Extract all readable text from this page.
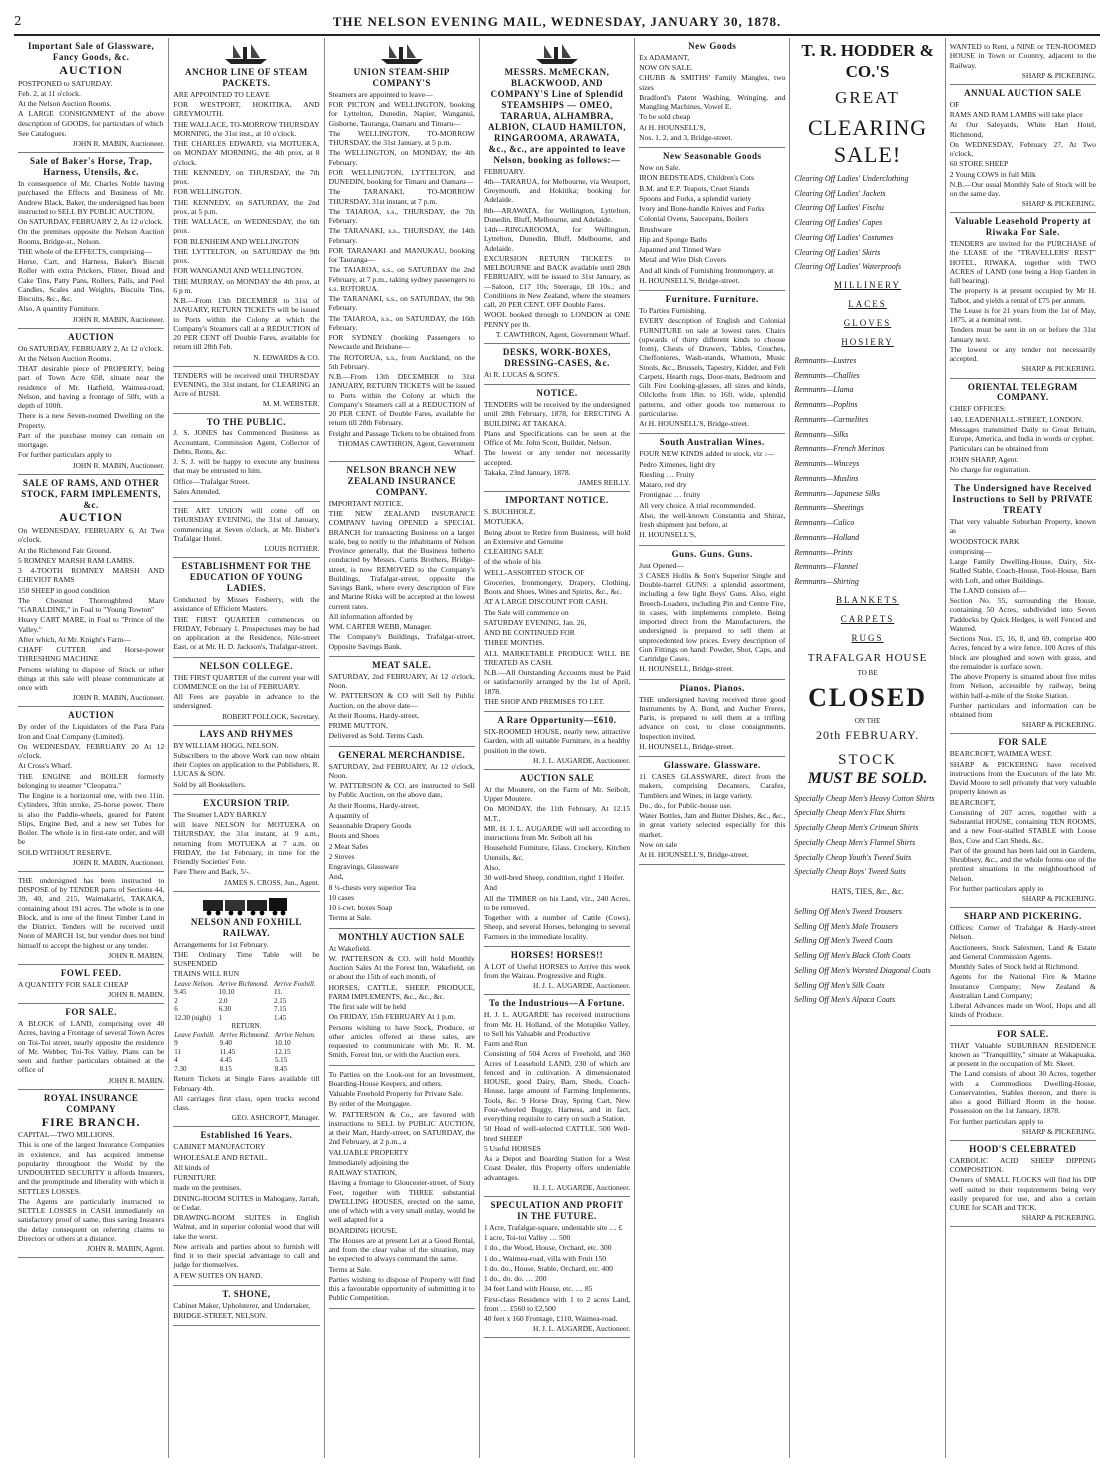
2	THE NELSON EVENING MAIL, WEDNESDAY, JANUARY 30, 1878.
Important Sale of Glassware, Fancy Goods, &c.
AUCTION

POSTPONED to SATURDAY.

Feb. 2, at 11 o'clock.

At the Nelson Auction Rooms.

A LARGE CONSIGNMENT of the above description of GOODS, for particulars of which

See Catalogues.

JOHN R. MABIN, Auctioneer.
Sale of Baker's Horse, Trap, Harness, Utensils, &c.

In consequence of Mr. Charles Noble having purchased the Effects and Business of Mr. Andrew Black, Baker, the undersigned has been instructed to SELL BY PUBLIC AUCTION,

On SATURDAY, FEBRUARY 2, At 12 o'clock.

On the premises opposite the Nelson Auction Rooms, Bridge-st., Nelson.

THE whole of the EFFECTS, comprising—

Horse, Cart, and Harness, Baker's Biscuit Roller with extra Prickers, Flitter, Bread and Cake Tins, Patty Pans, Rollers, Pails, and Peel Candles, Scales and Weights, Biscuits Tins, Biscuits, &c., &c.

Also, A quantity Furniture.

JOHN R. MABIN, Auctioneer.
AUCTION

On SATURDAY, FEBRUARY 2, At 12 o'clock.

At the Nelson Auction Rooms.

THAT desirable piece of PROPERTY, being part of Town Acre 658, situate near the residence of Mr. Hatfield, Waimea-road, Nelson, and having a frontage of 50ft, with a depth of 100ft.

There is a new Seven-roomed Dwelling on the Property.

Part of the purchase money can remain on mortgage.

For further particulars apply to

JOHN R. MABIN, Auctioneer.
SALE OF RAMS, AND OTHER STOCK, FARM IMPLEMENTS, &c.
AUCTION

On WEDNESDAY, FEBRUARY 6, At Two o'clock.

At the Richmond Fair Ground.

5 ROMNEY MARSH RAM LAMBS.

3 4-TOOTH ROMNEY MARSH AND CHEVIOT RAMS

150 SHEEP in good condition

The Chestnut Thoroughbred Mare "GARALDINE," in Foal to "Young Towton"

Heavy CART MARE, in Foal to "Prince of the Valley."

After which, At Mr. Knight's Farm—

CHAFF CUTTER and Horse-power THRESHING MACHINE

Persons wishing to dispose of Stock or other things at this sale will please communicate at once with

JOHN R. MABIN, Auctioneer.
AUCTION

By order of the Liquidators of the Para Para Iron and Coal Company (Limited).

On WEDNESDAY, FEBRUARY 20 At 12 o'clock.

At Cross's Wharf.

THE ENGINE and BOILER formerly belonging to steamer "Cleopatra."

The Engine is a horizontal one, with two 11in. Cylinders, 3ftin stroke, 25-horse power. There is also the Paddle-wheels, geared for Patent Slips, Engine Bed, and a new set Tubes for Boiler. The whole is in first-rate order, and will be

SOLD WITHOUT RESERVE.

JOHN R. MABIN, Auctioneer.

THE undersigned has been instructed to DISPOSE of by TENDER parts of Sections 44, 39, 40, and 215, Waimakariri, TAKAKA, containing about 191 acres. The whole is in one Block, and is one of the finest Timber Land in the District. Tenders will be received until Noon of MARCH 1st, but vendor does not bind himself to accept the highest or any tender.

JOHN R. MABIN.
FOWL FEED.

A QUANTITY FOR SALE CHEAP

JOHN R. MABIN.
FOR SALE.

A BLOCK of LAND, comprising over 40 Acres, having a Frontage of several Town Acres on Toi-Toi street, nearly opposite the residence of Mr. Webber, Toi-Toi Valley. Plans can be seen and further particulars obtained at the office of

JOHN R. MABIN.
ROYAL INSURANCE COMPANY
FIRE BRANCH.

CAPITAL—TWO MILLIONS.

This is one of the largest Insurance Companies in existence, and has acquired immense popularity throughout the World by the UNDOUBTED SECURITY it affords Insurers, and the promptitude and liberality with which it SETTLES LOSSES.

The Agents are particularly instructed to SETTLE LOSSES in CASH immediately on satisfactory proof of same, thus saving Insurers the delay consequent on referring claims to Directors or others at a distance.

JOHN R. MABIN, Agent.
ANCHOR LINE OF STEAM PACKETS.

ARE APPOINTED TO LEAVE

FOR WESTPORT, HOKITIKA, AND GREYMOUTH.

THE WALLACE, TO-MORROW THURSDAY MORNING, the 31st inst., at 10 o'clock.

THE CHARLES EDWARD, via MOTUEKA, on MONDAY MORNING, the 4th prox, at 8 o'clock.

THE KENNEDY, on THURSDAY, the 7th prox.

FOR WELLINGTON.

THE KENNEDY, on SATURDAY, the 2nd prox, at 5 p.m.

THE WALLACE, on WEDNESDAY, the 6th prox.

FOR BLENHEIM AND WELLINGTON

THE LYTTELTON, on SATURDAY the 9th prox.

FOR WANGANUI AND WELLINGTON.

THE MURRAY, on MONDAY the 4th prox, at 6 p m.

N.B.—From 13th DECEMBER to 31st of JANUARY, RETURN TICKETS will be issued to Ports within the Colony at which the Company's Steamers call at a REDUCTION of 20 PER CENT off Double Fares, available for return till 28th Feb.

N. EDWARDS & CO.

TENDERS will be received until THURSDAY EVENING, the 31st instant, for CLEARING an Acre of BUSH.

M. M. WEBSTER.
TO THE PUBLIC.

J. S. JONES has Commenced Business as Accountant, Commission Agent, Collector of Debts, Rents, &c.

J. S. J. will be happy to execute any business that may be entrusted to him.

Office—Trafalgar Street.

Sales Attended.

THE ART UNION will come off on THURSDAY EVENING, the 31st of January, commencing at Seven o'clock, at Mr. Bisher's Trafalgar Hotel.

LOUIS ROTHER.
ESTABLISHMENT FOR THE EDUCATION OF YOUNG LADIES.

Conducted by Misses Fosberry, with the assistance of Efficient Masters.

THE FIRST QUARTER commences on FRIDAY, February 1. Prospectuses may be had on application at the Residence, Nile-street East, or at Mr. H. D. Jackson's, Trafalgar-street.

NELSON COLLEGE.

THE FIRST QUARTER of the current year will COMMENCE on the 1st of FEBRUARY.

All Fees are payable in advance to the undersigned.

ROBERT POLLOCK, Secretary.
LAYS AND RHYMES

BY WILLIAM HOGG, NELSON.

Subscribers to the above Work can now obtain their Copies on application to the Publishers, R. LUCAS & SON.

Sold by all Booksellers.

EXCURSION TRIP.

The Steamer LADY BARKLY

will leave NELSON for MOTUEKA on THURSDAY, the 31st instant, at 9 a.m., returning from MOTUEKA at 7 a.m. on FRIDAY, the 1st February, in time for the Friendly Societies' Fete.

Fare There and Back, 5/-.

JAMES S. CROSS, Jun., Agent.
NELSON AND FOXHILL RAILWAY.

Arrangements for 1st February.

THE Ordinary Time Table will be SUSPENDED

TRAINS WILL RUN

Leave Nelson.	Arrive Richmond.	Arrive Foxhill.
9.45	10.10	11.
2	2.0	2.15
6	6.30	7.15
12.30 (night)	1	1.45
RETURN.
Leave Foxhill.	Arrive Richmond.	Arrive Nelson.
9	9.40	10.10
11	11.45	12.15
4	4.45	5.15
7.30	8.15	8.45

Return Tickets at Single Fares available till February 4th.

All carriages first class, open trucks second class.

GEO. ASHCROFT, Manager.
Established 16 Years.

CABINET MANUFACTORY

WHOLESALE AND RETAIL.

All kinds of

FURNITURE

made on the premises.

DINING-ROOM SUITES in Mahogany, Jarrah, or Cedar.

DRAWING-ROOM SUITES in English Walnut, and in superior colonial wood that will take the worst.

New arrivals and parties about to furnish will find it to their special advantage to call and judge for themselves.

A FEW SUITES ON HAND.

T. SHONE,

Cabinet Maker, Upholsterer, and Undertaker,

BRIDGE-STREET, NELSON.

UNION STEAM-SHIP COMPANY'S

Steamers are appointed to leave—

FOR PICTON and WELLINGTON, booking for Lyttelton, Dunedin, Napier, Wanganui, Gisborne, Tauranga, Oamaru and Timaru—

The WELLINGTON, TO-MORROW THURSDAY, the 31st January, at 5 p.m.

The WELLINGTON, on MONDAY, the 4th February.

FOR WELLINGTON, LYTTELTON, and DUNEDIN, booking for Timaru and Oamaru—

The TARANAKI, TO-MORROW THURSDAY, 31st instant, at 7 p.m.

The TAIAROA, s.s., THURSDAY, the 7th February.

The TARANAKI, s.s., THURSDAY, the 14th February.

FOR TARANAKI and MANUKAU, booking for Tauranga—

The TAIAROA, s.s., on SATURDAY the 2nd February, at 7 p.m., taking sydney passengers to s.s. ROTORUA.

The TARANAKI, s.s., on SATURDAY, the 9th February.

The TAIAROA, s.s., on SATURDAY, the 16th February.

FOR SYDNEY (booking Passengers to Newcastle and Brisbane—

The ROTORUA, s.s., from Auckland, on the 5th February.

N.B.—From 13th DECEMBER to 31st JANUARY, RETURN TICKETS will be issued to Ports within the Colony at which the Company's Steamers call at a REDUCTION of 20 PER CENT. of Double Fares, available for return till 28th February.

Freight and Passage Tickets to be obtained from

THOMAS CAWTHRON, Agent, Government Wharf.
NELSON BRANCH NEW ZEALAND INSURANCE COMPANY.

IMPORTANT NOTICE.

THE NEW ZEALAND INSURANCE COMPANY having OPENED a SPECIAL BRANCH for transacting Business on a larger scale, beg to notify to the inhabitants of Nelson Province generally, that the Business hitherto conducted by Messrs. Curtis Brothers, Bridge-street, is now REMOVED to the Company's Buildings, Trafalgar-street, opposite the Savings Bank, where every description of Fire and Marine Risks will be accepted at the lowest current rates.

All information afforded by

WM. CARTER WEBB, Manager.

The Company's Buildings, Trafalgar-street, Opposite Savings Bank.

MEAT SALE.

SATURDAY, 2nd FEBRUARY, At 12 o'clock, Noon.

W. PATTERSON & CO will Sell by Public Auction, on the above date—

At their Rooms, Hardy-street,

PRIME MUTTON,

Delivered as Sold. Terms Cash.

GENERAL MERCHANDISE.

SATURDAY, 2nd FEBRUARY, At 12 o'clock, Noon.

W. PATTERSON & CO. are instructed to Sell by Public Auction, on the above date,

At their Rooms, Hardy-street,

A quantity of

Seasonable Drapery Goods

Boots and Shoes

2 Meat Safes

2 Stoves

Engravings, Glassware

And,

8 ¼-chests very superior Tea

10 cases

10 i-cwt. boxes Soap

Terms at Sale.

MONTHLY AUCTION SALE

At Wakefield.

W. PATTERSON & CO. will hold Monthly Auction Sales At the Forest Inn, Wakefield, on or about the 15th of each month, of

HORSES, CATTLE, SHEEP, PRODUCE, FARM IMPLEMENTS, &c., &c., &c.

The first sale will be held

On FRIDAY, 15th FEBRUARY At 1 p.m.

Persons wishing to have Stock, Produce, or other articles offered at these sales, are requested to communicate with Mr. R. M. Smith, Forest Inn, or with the Auction eers.

To Parties on the Look-out for an Investment, Boarding-House Keepers, and others.

Valuable Freehold Property for Private Sale.

By order of the Mortgagee.

W. PATTERSON & Co., are favored with instructions to SELL by PUBLIC AUCTION, at their Mart, Hardy-street, on SATURDAY, the 2nd February, at 2 p.m., a

VALUABLE PROPERTY

Immediately adjoining the

RAILWAY STATION,

Having a frontage to Gloucester-street, of Sixty Feet, together with THREE substantial DWELLING HOUSES, erected on the same, one of which with a very small outlay, would be well adapted for a

BOARDING HOUSE.

The Houses are at present Let at a Good Rental, and from the clear value of the situation, may be expected to always command the same.

Terms at Sale.

Parties wishing to dispose of Property will find this a favourable opportunity of submitting it to Public Competition.

MESSRS. McMECKAN, BLACKWOOD, AND COMPANY'S Line of Splendid STEAMSHIPS — OMEO, TARARUA, ALHAMBRA, ALBION, CLAUD HAMILTON, RINGAROOMA, ARAWATA, &c., &c., are appointed to leave Nelson, booking as follows:—

FEBRUARY.

4th—TARARUA, for Melbourne, via Westport, Greymouth, and Hokitika; booking for Adelaide.

8th—ARAWATA, for Wellington, Lyttelton, Dunedin, Bluff, Melbourne, and Adelaide.

14th—RINGAROOMA, for Wellington, Lyttelton, Dunedin, Bluff, Melbourne, and Adelaide.

EXCURSION RETURN TICKETS to MELBOURNE and BACK available until 28th FEBRUARY, will be issued to 31st January, as—Saloon, £17 10s; Steerage, £8 10s.; and Conditions in New Zealand, where the steamers call, 20 PER CENT. OFF Double Fares.

WOOL booked through to LONDON at ONE PENNY per lb.

T. CAWTHRON, Agent, Government Wharf.
DESKS, WORK-BOXES, DRESSING-CASES, &c.

At R. LUCAS & SON'S.

NOTICE.

TENDERS will be received by the undersigned until 28th February, 1878, for ERECTING A BUILDING AT TAKAKA.

Plans and Specifications can be seen at the Office of Mr. John Scott, Builder, Nelson.

The lowest or any tender not necessarily accepted.

Takaka, 23nd January, 1878.

JAMES REILLY.
IMPORTANT NOTICE.

S. BUCHHOLZ,

MOTUEKA,

Being about to Retire from Business, will hold an Extensive and Genuine

CLEARING SALE

of the whole of his

WELL-ASSORTED STOCK OF

Groceries, Ironmongery, Drapery, Clothing, Boots and Shoes, Wines and Spirits, &c., &c.

AT A LARGE DISCOUNT FOR CASH.

The Sale will commence on

SATURDAY EVENING, Jan. 26,

AND BE CONTINUED FOR

THREE MONTHS.

ALL MARKETABLE PRODUCE WILL BE TREATED AS CASH.

N.B.—All Outstanding Accounts must be Paid or satisfactorily arranged by the 1st of April, 1878.

THE SHOP AND PREMISES TO LET.

A Rare Opportunity—£610.

SIX-ROOMED HOUSE, nearly new, attractive Garden, with all suitable Furniture, in a healthy position in the town.

H. J. L. AUGARDE, Auctioneer.
AUCTION SALE

At the Moutere, on the Farm of Mr. Seibolt, Upper Moutere.

On MONDAY, the 11th February, At 12.15 M.T.,

MR. H. J. L. AUGARDE will sell according to instructions from Mr. Seibolt all his

Household Furniture, Glass, Crockery, Kitchen Utensils, &c.

Also,

30 well-bred Sheep, condition, right! 1 Heifer.

And

All the TIMBER on his Land, viz., 240 Acres, to be removed.

Together with a number of Cattle (Cows), Sheep, and several Horses, belonging to several Farmers in the immediate locality.

HORSES! HORSES!!

A LOT of Useful HORSES to Arrive this week from the Wairau. Progressive and Right.

H. J. L. AUGARDE, Auctioneer.
To the Industrious—A Fortune.

H. J. L. AUGARDE has received instructions from Mr. H. Holland, of the Motupiko Valley, to Sell his Valuable and Productive

Farm and Run

Consisting of 504 Acres of Freehold, and 360 Acres of Leasehold LAND, 230 of which are fenced and in cultivation. A dimensionated HOUSE, good Dairy, Barn, Sheds, Coach-House, large amount of Farming Implements, Tools, &c. 9 Horse Dray, Spring Cart, New Four-wheeled Buggy, Harness, and in fact, everything requisite to carry on such a Station.

50 Head of well-selected CATTLE. 500 Well-bred SHEEP

5 Useful HORSES

As a Depot and Boarding Station for a West Coast Dealer, this Property offers undeniable advantages.

H. J. L. AUGARDE, Auctioneer.
SPECULATION AND PROFIT IN THE FUTURE.

1 Acre, Trafalgar-square, undeniable site … £

1 acre, Toi-toi Valley … 500

1 do., the Wood, House, Orchard, etc. 300

1 do., Waimea-road, villa with Fruit 150

1 do. do., House, Stable, Orchard, etc. 400

1 do., do. do. … 200

34 feet Land with House, etc. … 85

First-class Residence with 1 to 2 acres Land, from … £560 to £2,500

40 feet x 160 Frontage, £110, Waimea-road.

H. J. L. AUGARDE, Auctioneer.
New Goods

Ex ADAMANT,

NOW ON SALE.

CHUBB & SMITHS' Family Mangles, two sizes

Bradford's Patent Washing, Wringing, and Mangling Machines, Vowel E.

To be sold cheap

At H. HOUNSELL'S,

Nos. 1, 2, and 3, Bridge-street.

New Seasonable Goods

Now on Sale.

IRON BEDSTEADS, Children's Cots

B.M. and E.P. Teapots, Cruet Stands

Spoons and Forks, a splendid variety

Ivory and Bone-handle Knives and Forks

Colonial Ovens, Saucepans, Boilers

Brushware

Hip and Sponge Baths

Japanned and Tinned Ware

Metal and Wire Dish Covers

And all kinds of Furnishing Ironmongery, at

H. HOUNSELL'S, Bridge-street.

Furniture. Furniture.

To Parties Furnishing.

EVERY description of English and Colonial FURNITURE on sale at lowest rates. Chairs (upwards of thirty different kinds to choose from), Chests of Drawers, Tables, Couches, Cheffonieres, Wash-stands, Whatnots, Music Stools, &c., Brussels, Tapestry, Kidder, and Felt Carpets, Hearth rugs, Door-mats, Bedroom and Gilt Fire Looking-glasses, all sizes and kinds, Oilcloths from 18in. to 16ft. wide, splendid patterns, and other goods too numerous to particularise.

At H. HOUNSELL'S, Bridge-street.

South Australian Wines.

FOUR NEW KINDS added to stock, viz :—

Pedro Ximenes, light dry

Riesling … Fruity

Mataro, red dry

Frontignac … fruity

All very choice. A trial recommended.

Also, the well-known Constantia and Shiraz, fresh shipment just before, at

H. HOUNSELL'S,

Guns. Guns. Guns.

Just Opened—

3 CASES Hollis & Son's Superior Single and Double-barrel GUNS: a splendid assortment, including a few light Boys' Guns. Also, eight Breech-Loaders, including Pin and Centre Fire, in cases, with implements complete. Being imported direct from the Manufacturers, the undersigned is prepared to sell them at unprecedented low prices. Every description of Gun Fittings on hand: Powder, Shot, Caps, and Cartridge Cases.

H. HOUNSELL, Bridge-street.

Pianos. Pianos.

THE undersigned having received three good Instruments by A. Bond, and Aucher Freres, Paris, is prepared to sell them at a trifling advance on cost, to close consignments. Inspection invited.

H. HOUNSELL, Bridge-street.

Glassware. Glassware.

11 CASES GLASSWARE, direct from the makers, comprising Decanters, Carafes, Tumblers and Wines, in large variety.

Do., do., for Public-house use.

Water Bottles, Jam and Butter Dishes, &c., &c., in great variety selected especially for this market.

Now on sale

At H. HOUNSELL'S, Bridge-street.

T. R. HODDER & CO.'S
GREAT
CLEARING SALE!
Clearing Off Ladies' Underclothing
Clearing Off Ladies' Jackets
Clearing Off Ladies' Fischu
Clearing Off Ladies' Capes
Clearing Off Ladies' Costumes
Clearing Off Ladies' Skirts
Clearing Off Ladies' Waterproofs
MILLINERY
LACES
GLOVES
HOSIERY
Remnants—Lustres
Remnants—Challies
Remnants—Llama
Remnants—Poplins
Remnants—Carmelites
Remnants—Silks
Remnants—French Merinos
Remnants—Winceys
Remnants—Muslins
Remnants—Japanese Silks
Remnants—Sheetings
Remnants—Calico
Remnants—Holland
Remnants—Prints
Remnants—Flannel
Remnants—Shirting
BLANKETS
CARPETS
RUGS
TRAFALGAR HOUSE
TO BE
CLOSED
ON THE
20th FEBRUARY.
STOCK
MUST BE SOLD.
Specially Cheap Men's Heavy Cotton Shirts
Specially Cheap Men's Flax Shirts
Specially Cheap Men's Crimean Shirts
Specially Cheap Men's Flannel Shirts
Specially Cheap Youth's Tweed Suits
Specially Cheap Boys' Tweed Suits
HATS, TIES, &c., &c.
Selling Off Men's Tweed Trousers
Selling Off Men's Mole Trousers
Selling Off Men's Tweed Coats
Selling Off Men's Black Cloth Coats
Selling Off Men's Worsted Diagonal Coats
Selling Off Men's Silk Coats
Selling Off Men's Alpaca Coats

WANTED to Rent, a NINE or TEN-ROOMED HOUSE in Town or Country, adjacent to the Railway.

SHARP & PICKERING.
ANNUAL AUCTION SALE

OF

RAMS AND RAM LAMBS will take place

At Our Saleyards, White Hart Hotel, Richmond,

On WEDNESDAY, February 27, At Two o'clock,

60 STORE SHEEP

2 Young COWS in full Milk

N.B.—Our usual Monthly Sale of Stock will be on the same day.

SHARP & PICKERING.
Valuable Leasehold Property at Riwaka For Sale.

TENDERS are invited for the PURCHASE of the LEASE of the "TRAVELLERS' REST" HOTEL, RIWAKA, together with TWO ACRES of LAND (one being a Hop Garden in full bearing).

The property is at present occupied by Mr H. Talbot, and yields a rental of £75 per annum.

The Lease is for 21 years from the 1st of May, 1875, at a nominal rent.

Tenders must be sent in on or before the 31st January next.

The lowest or any tender not necessarily accepted.

SHARP & PICKERING.
ORIENTAL TELEGRAM COMPANY.

CHIEF OFFICES:

140, LEADENHALL-STREET, LONDON.

Messages transmitted Daily to Great Britain, Europe, America, and India in words or cypher.

Particulars can be obtained from

JOHN SHARP, Agent.

No charge for registration.

The Undersigned have Received Instructions to Sell by PRIVATE TREATY

That very valuable Suburban Property, known as

WOODSTOCK PARK

comprising—

Large Family Dwelling-House, Dairy, Six-Stalled Stable, Coach-House, Tool-House, Barn with Loft, and other Buildings.

The LAND consists of—

Section No. 55, surrounding the House, containing 50 Acres, subdivided into Seven Paddocks by Quick Hedges, is well Fenced and Watered.

Sections Nos. 15, 16, 8, and 69, comprise 400 Acres, fenced by a wire fence. 100 Acres of this block are ploughed and sown with grass, and the remainder is surface sown.

The above Property is situated about five miles from Nelson, accessible by railway, being within half-a-mile of the Stoke Station.

Further particulars and information can be obtained from

SHARP & PICKERING.
FOR SALE

BEARCROFT, WAIMEA WEST.

SHARP & PICKERING have received instructions from the Executors of the late Mr. David Moore to sell privately that very valuable property known as

BEARCROFT,

Consisting of 207 acres, together with a Substantial HOUSE, containing TEN ROOMS, and a new Four-stalled STABLE with Loose Box, Cow and Cart Sheds, &c.

Part of the ground has been laid out in Gardens, Shrubbery, &c., and the whole forms one of the prettiest situations in the neighbourhood of Nelson.

For further particulars apply to

SHARP & PICKERING.
SHARP AND PICKERING.

Offices: Corner of Trafalgar & Hardy-street Nelson.

Auctioneers, Stock Salesmen, Land & Estate and General Commission Agents.

Monthly Sales of Stock held at Richmond.

Agents for the National Fire & Marine Insurance Company; New Zealand & Australian Land Company;

Liberal Advances made on Wool, Hops and all kinds of Produce.

FOR SALE.

THAT Valuable SUBURBAN RESIDENCE known as "Tranquillity," situate at Wakapuaka, at present in the occupation of Mr. Skeet.

The Land consists of about 30 Acres, together with a Commodious Dwelling-House, Conservatories, Stables thereon, and there is also a good Billiard Room in the house. Possession on the 1st January, 1878.

For further particulars apply to

SHARP & PICKERING.
HOOD'S CELEBRATED

CARBOLIC ACID SHEEP DIPPING COMPOSITION.

Owners of SMALL FLOCKS will find his DIP well suited to their requirements being very easily prepared for use, and also a certain CURE for SCAB and TICK.

SHARP & PICKERING.
